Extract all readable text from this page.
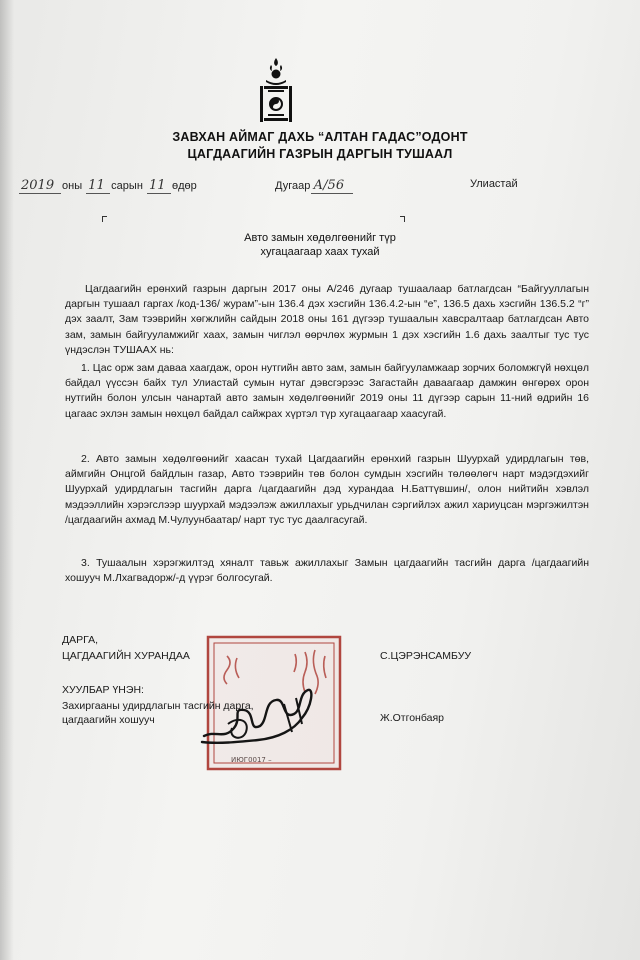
ЗАВХАН АЙМАГ ДАХЬ “АЛТАН ГАДАС”ОДОНТ
ЦАГДААГИЙН ГАЗРЫН ДАРГЫН ТУШААЛ
2019 оны 11 сарын 11 өдөр	Дугаар А/56	Улиастай
Авто замын хөдөлгөөнийг түр
хугацаагаар хаах тухай

Цагдаагийн ерөнхий газрын даргын 2017 оны А/246 дугаар тушаалаар батлагдсан “Байгууллагын даргын тушаал гаргах /код-136/ журам”-ын 136.4 дэх хэсгийн 136.4.2-ын “е”, 136.5 дахь хэсгийн 136.5.2 “г” дэх заалт, Зам тээврийн хөгжлийн сайдын 2018 оны 161 дүгээр тушаалын хавсралтаар батлагдсан Авто зам, замын байгууламжийг хаах, замын чиглэл өөрчлөх журмын 1 дэх хэсгийн 1.6 дахь заалтыг тус тус үндэслэн ТУШААХ нь:

1. Цас орж зам даваа хаагдаж, орон нутгийн авто зам, замын байгууламжаар зорчих боломжгүй нөхцөл байдал үүссэн байх тул Улиастай сумын нутаг дэвсгэрээс Загастайн даваагаар дамжин өнгөрөх орон нутгийн болон улсын чанартай авто замын хөдөлгөөнийг 2019 оны 11 дүгээр сарын 11-ний өдрийн 16 цагаас эхлэн замын нөхцөл байдал сайжрах хүртэл түр хугацаагаар хаасугай.

2. Авто замын хөдөлгөөнийг хаасан тухай Цагдаагийн ерөнхий газрын Шуурхай удирдлагын төв, аймгийн Онцгой байдлын газар, Авто тээврийн төв болон сумдын хэсгийн төлөөлөгч нарт мэдэгдэхийг Шуурхай удирдлагын тасгийн дарга /цагдаагийн дэд хурандаа Н.Баттүвшин/, олон нийтийн хэвлэл мэдээллийн хэрэгслээр шуурхай мэдээлэж ажиллахыг урьдчилан сэргийлэх ажил хариуцсан мэргэжилтэн /цагдаагийн ахмад М.Чулуунбаатар/ нарт тус тус даалгасугай.

3. Тушаалын хэрэгжилтэд хяналт тавьж ажиллахыг Замын цагдаагийн тасгийн дарга /цагдаагийн хошууч М.Лхагвадорж/-д үүрэг болгосугай.

ИЮГ0017 –
ДАРГА,
ЦАГДААГИЙН ХУРАНДАА	С.ЦЭРЭНСАМБУУ
ХУУЛБАР ҮНЭН:
Захиргааны удирдлагын тасгийн дарга,
цагдаагийн хошууч	Ж.Отгонбаяр
